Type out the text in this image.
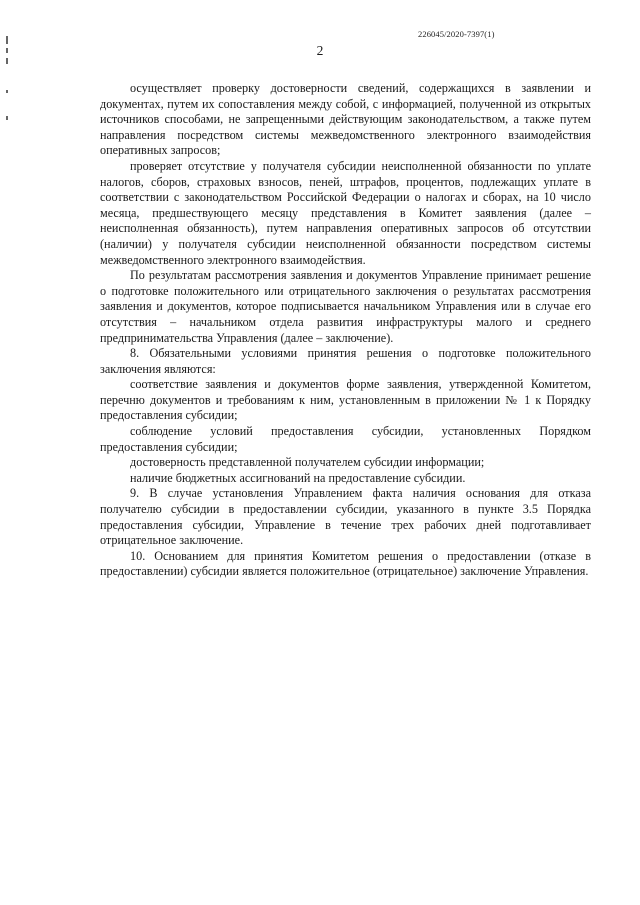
226045/2020-7397(1)
2

осуществляет проверку достоверности сведений, содержащихся в заявлении и документах, путем их сопоставления между собой, с информацией, полученной из открытых источников способами, не запрещенными действующим законодательством, а также путем направления посредством системы межведомственного электронного взаимодействия оперативных запросов;

проверяет отсутствие у получателя субсидии неисполненной обязанности по уплате налогов, сборов, страховых взносов, пеней, штрафов, процентов, подлежащих уплате в соответствии с законодательством Российской Федерации о налогах и сборах, на 10 число месяца, предшествующего месяцу представления в Комитет заявления (далее – неисполненная обязанность), путем направления оперативных запросов об отсутствии (наличии) у получателя субсидии неисполненной обязанности посредством системы межведомственного электронного взаимодействия.

По результатам рассмотрения заявления и документов Управление принимает решение о подготовке положительного или отрицательного заключения о результатах рассмотрения заявления и документов, которое подписывается начальником Управления или в случае его отсутствия – начальником отдела развития инфраструктуры малого и среднего предпринимательства Управления (далее – заключение).

8. Обязательными условиями принятия решения о подготовке положительного заключения являются:

соответствие заявления и документов форме заявления, утвержденной Комитетом, перечню документов и требованиям к ним, установленным в приложении № 1 к Порядку предоставления субсидии;

соблюдение условий предоставления субсидии, установленных Порядком предоставления субсидии;

достоверность представленной получателем субсидии информации;

наличие бюджетных ассигнований на предоставление субсидии.

9. В случае установления Управлением факта наличия основания для отказа получателю субсидии в предоставлении субсидии, указанного в пункте 3.5 Порядка предоставления субсидии, Управление в течение трех рабочих дней подготавливает отрицательное заключение.

10. Основанием для принятия Комитетом решения о предоставлении (отказе в предоставлении) субсидии является положительное (отрицательное) заключение Управления.
